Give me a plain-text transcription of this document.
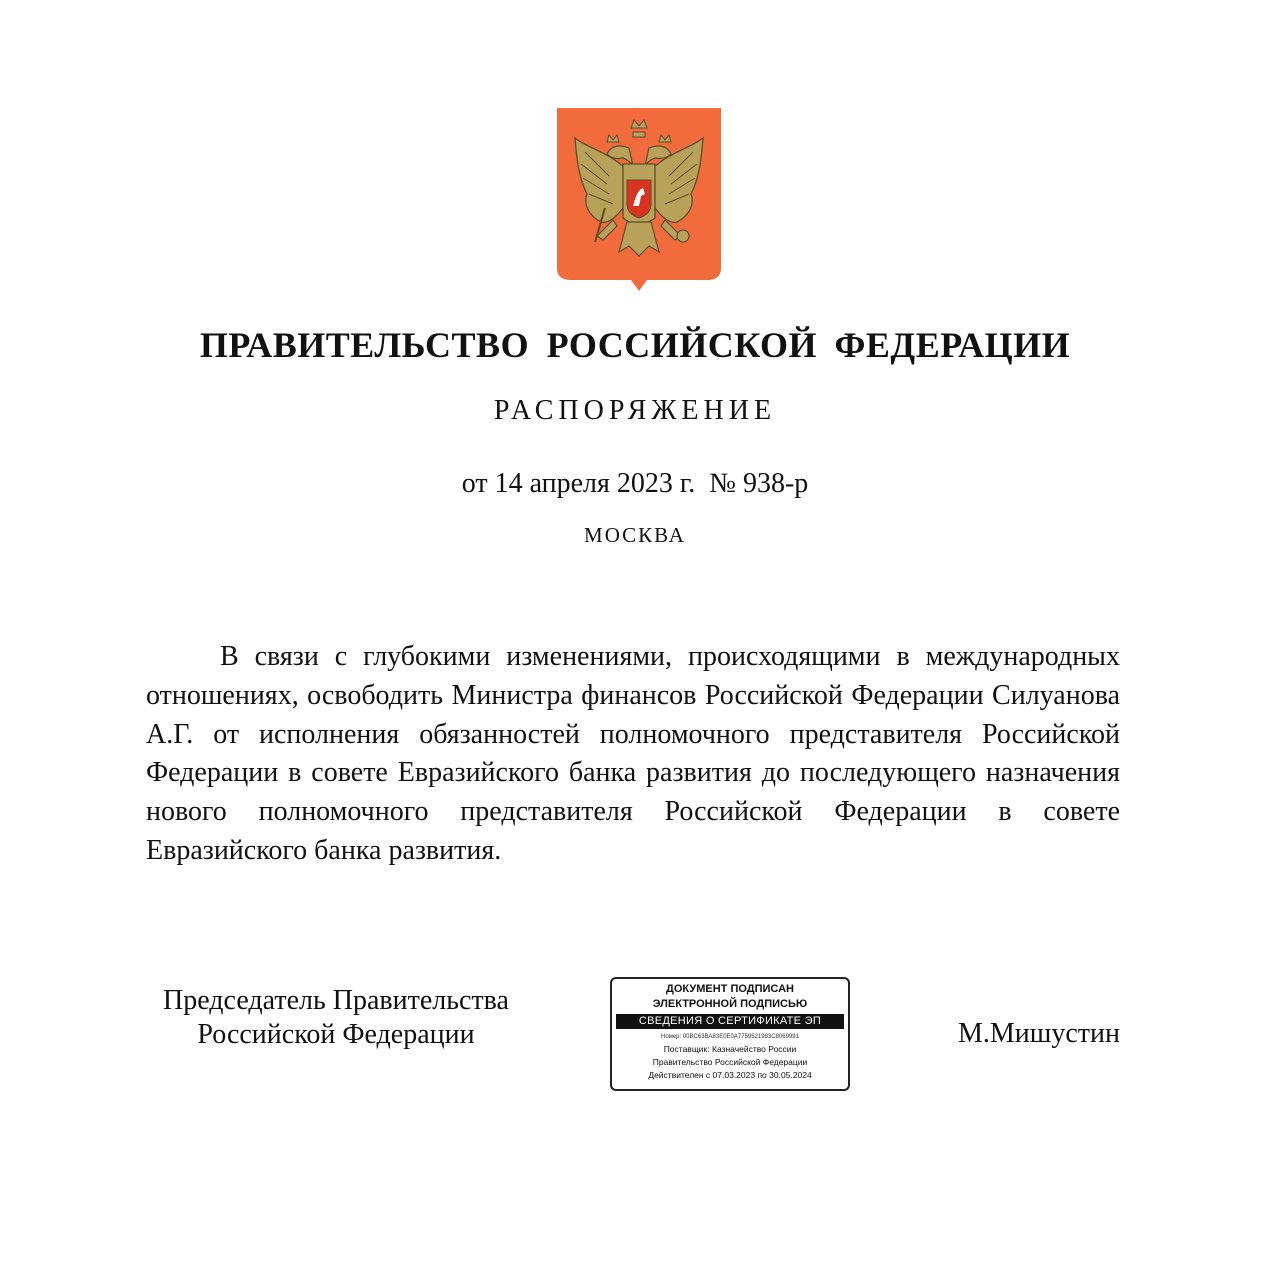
ПРАВИТЕЛЬСТВО РОССИЙСКОЙ ФЕДЕРАЦИИ
РАСПОРЯЖЕНИЕ
от 14 апреля 2023 г. № 938-р
МОСКВА

В связи с глубокими изменениями, происходящими в международных отношениях, освободить Министра финансов Российской Федерации Силуанова А.Г. от исполнения обязанностей полномочного представителя Российской Федерации в совете Евразийского банка развития до последующего назначения нового полномочного представителя Российской Федерации в совете Евразийского банка развития.

Председатель Правительства
Российской Федерации
ДОКУМЕНТ ПОДПИСАН
ЭЛЕКТРОННОЙ ПОДПИСЬЮ
СВЕДЕНИЯ О СЕРТИФИКАТЕ ЭП
Номер: 00BC63BA83E0E0A7759521983C8069991
Поставщик: Казначейство России
Правительство Российской Федерации
Действителен с 07.03.2023 по 30.05.2024
М.Мишустин
